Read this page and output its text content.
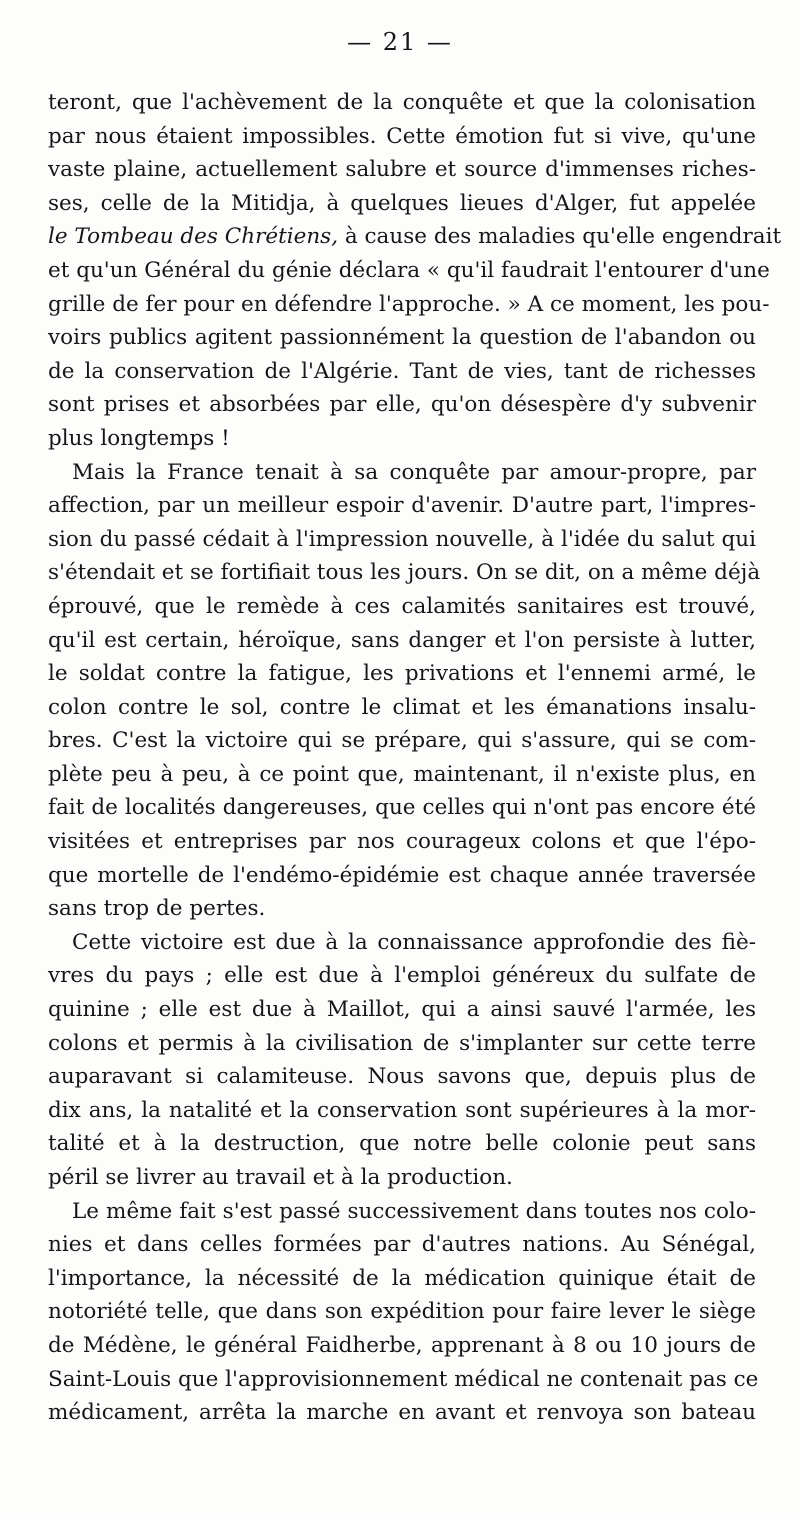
— 21 —
teront, que l'achèvement de la conquête et que la colonisation
par nous étaient impossibles. Cette émotion fut si vive, qu'une
vaste plaine, actuellement salubre et source d'immenses riches-
ses, celle de la Mitidja, à quelques lieues d'Alger, fut appelée
le Tombeau des Chrétiens, à cause des maladies qu'elle engendrait
et qu'un Général du génie déclara « qu'il faudrait l'entourer d'une
grille de fer pour en défendre l'approche. » A ce moment, les pou-
voirs publics agitent passionnément la question de l'abandon ou
de la conservation de l'Algérie. Tant de vies, tant de richesses
sont prises et absorbées par elle, qu'on désespère d'y subvenir
plus longtemps !
Mais la France tenait à sa conquête par amour-propre, par
affection, par un meilleur espoir d'avenir. D'autre part, l'impres-
sion du passé cédait à l'impression nouvelle, à l'idée du salut qui
s'étendait et se fortifiait tous les jours. On se dit, on a même déjà
éprouvé, que le remède à ces calamités sanitaires est trouvé,
qu'il est certain, héroïque, sans danger et l'on persiste à lutter,
le soldat contre la fatigue, les privations et l'ennemi armé, le
colon contre le sol, contre le climat et les émanations insalu-
bres. C'est la victoire qui se prépare, qui s'assure, qui se com-
plète peu à peu, à ce point que, maintenant, il n'existe plus, en
fait de localités dangereuses, que celles qui n'ont pas encore été
visitées et entreprises par nos courageux colons et que l'épo-
que mortelle de l'endémo-épidémie est chaque année traversée
sans trop de pertes.
Cette victoire est due à la connaissance approfondie des fiè-
vres du pays ; elle est due à l'emploi généreux du sulfate de
quinine ; elle est due à Maillot, qui a ainsi sauvé l'armée, les
colons et permis à la civilisation de s'implanter sur cette terre
auparavant si calamiteuse. Nous savons que, depuis plus de
dix ans, la natalité et la conservation sont supérieures à la mor-
talité et à la destruction, que notre belle colonie peut sans
péril se livrer au travail et à la production.
Le même fait s'est passé successivement dans toutes nos colo-
nies et dans celles formées par d'autres nations. Au Sénégal,
l'importance, la nécessité de la médication quinique était de
notoriété telle, que dans son expédition pour faire lever le siège
de Médène, le général Faidherbe, apprenant à 8 ou 10 jours de
Saint-Louis que l'approvisionnement médical ne contenait pas ce
médicament, arrêta la marche en avant et renvoya son bateau
